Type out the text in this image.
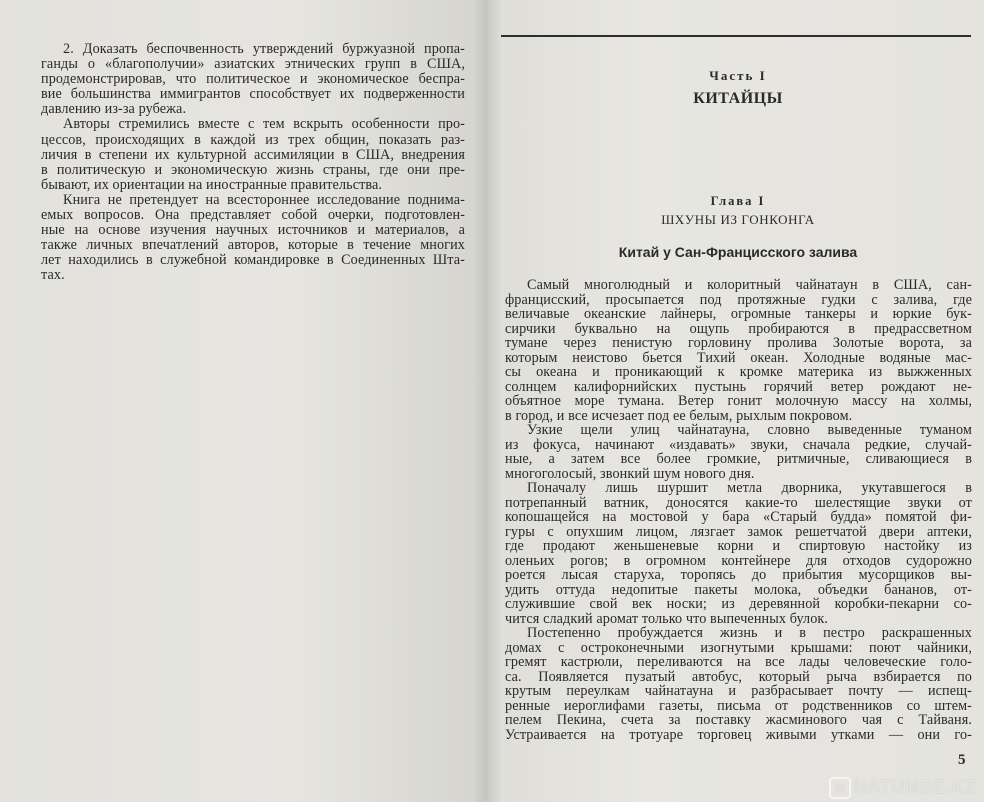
2. Доказать беспочвенность утверждений буржуазной пропа-
ганды о «благополучии» азиатских этнических групп в США,
продемонстрировав, что политическое и экономическое беспра-
вие большинства иммигрантов способствует их подверженности
давлению из-за рубежа.
Авторы стремились вместе с тем вскрыть особенности про-
цессов, происходящих в каждой из трех общин, показать раз-
личия в степени их культурной ассимиляции в США, внедрения
в политическую и экономическую жизнь страны, где они пре-
бывают, их ориентации на иностранные правительства.
Книга не претендует на всестороннее исследование поднима-
емых вопросов. Она представляет собой очерки, подготовлен-
ные на основе изучения научных источников и материалов, а
также личных впечатлений авторов, которые в течение многих
лет находились в служебной командировке в Соединенных Шта-
тах.
Часть I
КИТАЙЦЫ
Глава I
ШХУНЫ ИЗ ГОНКОНГА
Китай у Сан-Францисского залива
Самый многолюдный и колоритный чайнатаун в США, сан-
францисский, просыпается под протяжные гудки с залива, где
величавые океанские лайнеры, огромные танкеры и юркие бук-
сирчики буквально на ощупь пробираются в предрассветном
тумане через пенистую горловину пролива Золотые ворота, за
которым неистово бьется Тихий океан. Холодные водяные мас-
сы океана и проникающий к кромке материка из выжженных
солнцем калифорнийских пустынь горячий ветер рождают не-
объятное море тумана. Ветер гонит молочную массу на холмы,
в город, и все исчезает под ее белым, рыхлым покровом.
Узкие щели улиц чайнатауна, словно выведенные туманом
из фокуса, начинают «издавать» звуки, сначала редкие, случай-
ные, а затем все более громкие, ритмичные, сливающиеся в
многоголосый, звонкий шум нового дня.
Поначалу лишь шуршит метла дворника, укутавшегося в
потрепанный ватник, доносятся какие-то шелестящие звуки от
копошащейся на мостовой у бара «Старый будда» помятой фи-
гуры с опухшим лицом, лязгает замок решетчатой двери аптеки,
где продают женьшеневые корни и спиртовую настойку из
оленьих рогов; в огромном контейнере для отходов судорожно
роется лысая старуха, торопясь до прибытия мусорщиков вы-
удить оттуда недопитые пакеты молока, объедки бананов, от-
служившие свой век носки; из деревянной коробки-пекарни со-
чится сладкий аромат только что выпеченных булок.
Постепенно пробуждается жизнь и в пестро раскрашенных
домах с остроконечными изогнутыми крышами: поют чайники,
гремят кастрюли, переливаются на все лады человеческие голо-
са. Появляется пузатый автобус, который рыча взбирается по
крутым переулкам чайнатауна и разбрасывает почту — испещ-
ренные иероглифами газеты, письма от родственников со штем-
пелем Пекина, счета за поставку жасминового чая с Тайваня.
Устраивается на тротуаре торговец живыми утками — они го-
5
N NATUMBE.KZ
